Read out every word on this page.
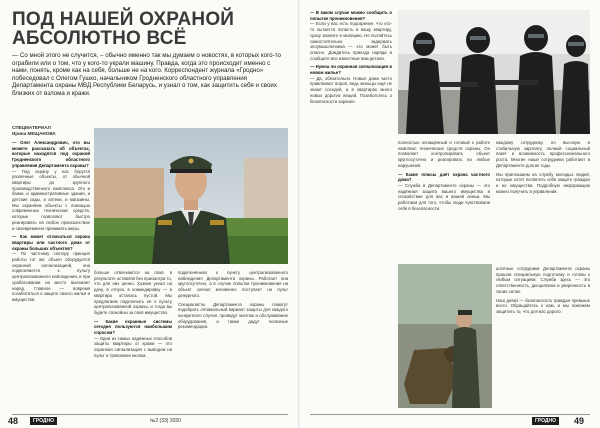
ПОД НАШЕЙ ОХРАНОЙ
АБСОЛЮТНО ВСЁ
— Со мной этого не случится, – обычно именно так мы думаем о новостях, в которых кого-то ограбили или о том, что у кого-то украли машину. Правда, когда это происходит именно с нами, понять, кроме как на себя, больше не на кого. Корреспондент журнала «Гродно» побеседовал с Олегом Гушко, начальником Гродненского областного управления Департамента охраны МВД Республики Беларусь, и узнал о том, как защитить себя и своих близких от взлома и кражи.
СПЕЦМАТЕРИАЛ
Ирина МЕЩАНОВА

— Олег Александрович, что вы можете рассказать об объектах, которые находятся под охраной Гродненского областного управления Департамента охраны?

— Под охрану у нас берутся различные объекты, от обычной квартиры до крупного производственного комплекса. Это и банки, и административные здания, и детские сады, и аптеки, и магазины. Мы охраняем объекты с помощью современных технических средств, которые позволяют быстро реагировать на любое происшествие и своевременно принимать меры.

— Как может отличаться охрана квартиры или частного дома от охраны больших объектов?

— По частному сектору принцип работы тот же: объект оборудуется охранной сигнализацией, она подключается к пульту централизованного наблюдения, и при срабатывании на место выезжает наряд. Главное — вовремя позаботиться о защите своего жилья и имущества.

больше отвлекаются на своё, в результате оставляя без присмотра то, что для них ценно. Хозяин уехал на дачу, в отпуск, в командировку — а квартира осталась пустой. Мы предлагаем подключить её к пульту централизованной охраны, и тогда вы будете спокойны за своё имущество.

— Какие охранные системы сегодня пользуются наибольшим спросом?

— Одни из самых надёжных способов защиты квартиры от кражи — это охранная сигнализация с выводом на пульт и тревожная кнопка.

подключённая к пункту централизованного наблюдения Департамента охраны. Работает она круглосуточно, а в случае попытки проникновения на объект сигнал мгновенно поступает на пульт дежурного.

Специалисты Департамента охраны помогут подобрать оптимальный вариант защиты для каждого конкретного случая, проведут монтаж и обслуживание оборудования, а также дадут полезные рекомендации.

48	ГРОДНО	№2 (33) 2020

— В каком случае можно сообщить о попытке проникновения?

— Если у вас есть подозрение, что кто-то пытается попасть в вашу квартиру, сразу звоните в милицию. Не пытайтесь самостоятельно задержать злоумышленника — это может быть опасно. Дождитесь приезда наряда и сообщите все известные вам детали.

— Нужна ли охранная сигнализация в новом жилье?

— Да, обязательно. Новые дома часто привлекают воров, ведь жильцы ещё не знают соседей, а в квартирах много новых дорогих вещей. Позаботьтесь о безопасности заранее.

полностью оснащённый и готовый к работе комплекс технических средств охраны. Он позволяет контролировать объект круглосуточно и реагировать на любые нарушения.

— Какие плюсы даёт охрана частного дома?

— Служба в Департаменте охраны — это надёжная защита вашего имущества и спокойствие для вас и вашей семьи. Мы работаем для того, чтобы люди чувствовали себя в безопасности.

каждому сотруднику, но высокую и стабильную зарплату, полный социальный пакет и возможность профессионального роста. Многие наши сотрудники работают в Департаменте долгие годы.

Мы приглашаем на службу молодых людей, которые хотят посвятить себя защите граждан и их имущества. Подробную информацию можно получить в управлении.

штатные сотрудники Департамента охраны прошли специальную подготовку и готовы к любым ситуациям. Служба здесь — это ответственность, дисциплина и уверенность в своих силах.

Наш девиз — безопасность граждан превыше всего. Обращайтесь к нам, и мы поможем защитить то, что для вас дорого.

ГРОДНО	49
